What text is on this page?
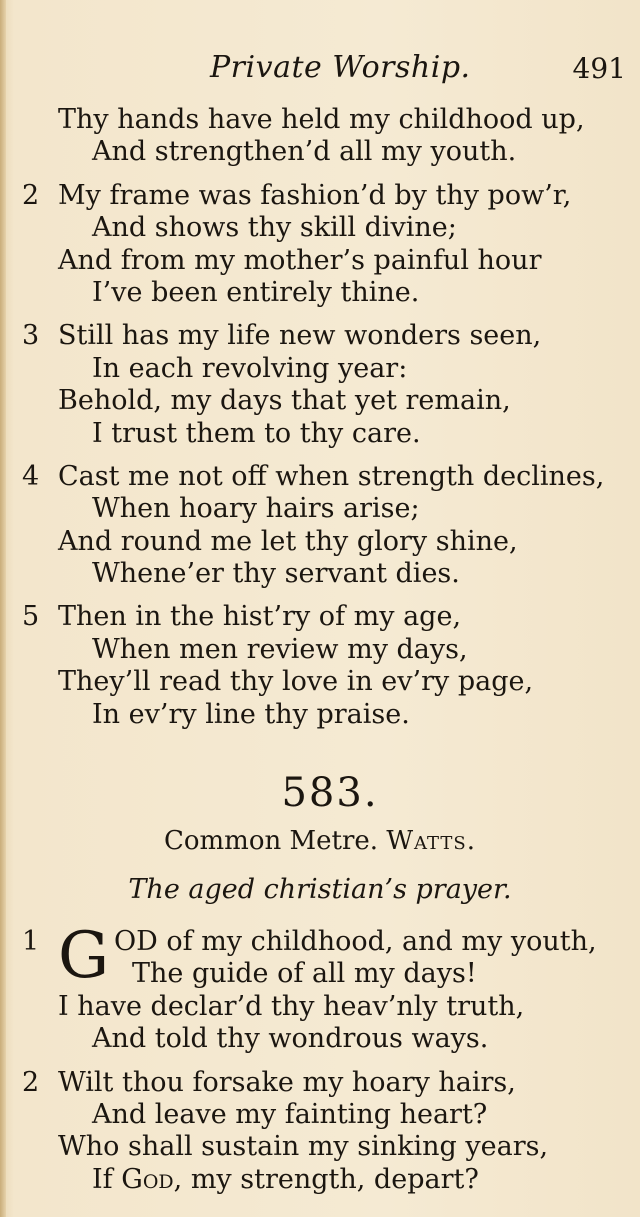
Private Worship.	491
Thy hands have held my childhood up,
And strengthen’d all my youth.
2 My frame was fashion’d by thy pow’r,
And shows thy skill divine;
And from my mother’s painful hour
I’ve been entirely thine.
3 Still has my life new wonders seen,
In each revolving year:
Behold, my days that yet remain,
I trust them to thy care.
4 Cast me not off when strength declines,
When hoary hairs arise;
And round me let thy glory shine,
Whene’er thy servant dies.
5 Then in the hist’ry of my age,
When men review my days,
They’ll read thy love in ev’ry page,
In ev’ry line thy praise.
583.
Common Metre. Watts.
The aged christian’s prayer.
1 G OD of my childhood, and my youth,
The guide of all my days!
I have declar’d thy heav’nly truth,
And told thy wondrous ways.
2 Wilt thou forsake my hoary hairs,
And leave my fainting heart?
Who shall sustain my sinking years,
If God, my strength, depart?
